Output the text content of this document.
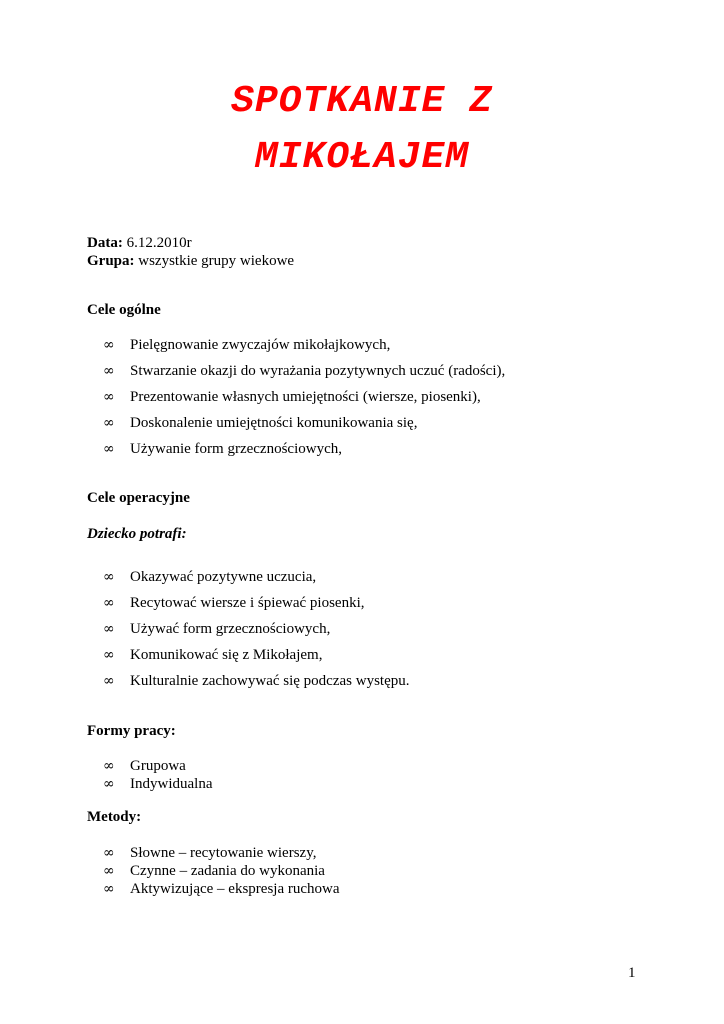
SPOTKANIE Z
MIKOŁAJEM
Data: 6.12.2010r
Grupa: wszystkie grupy wiekowe
Cele ogólne
∞ Pielęgnowanie zwyczajów mikołajkowych,
∞ Stwarzanie okazji do wyrażania pozytywnych uczuć (radości),
∞ Prezentowanie własnych umiejętności (wiersze, piosenki),
∞ Doskonalenie umiejętności komunikowania się,
∞ Używanie form grzecznościowych,
Cele operacyjne
Dziecko potrafi:
∞ Okazywać pozytywne uczucia,
∞ Recytować wiersze i śpiewać piosenki,
∞ Używać form grzecznościowych,
∞ Komunikować się z Mikołajem,
∞ Kulturalnie zachowywać się podczas występu.
Formy pracy:
∞ Grupowa
∞ Indywidualna
Metody:
∞ Słowne – recytowanie wierszy,
∞ Czynne – zadania do wykonania
∞ Aktywizujące – ekspresja ruchowa
1
